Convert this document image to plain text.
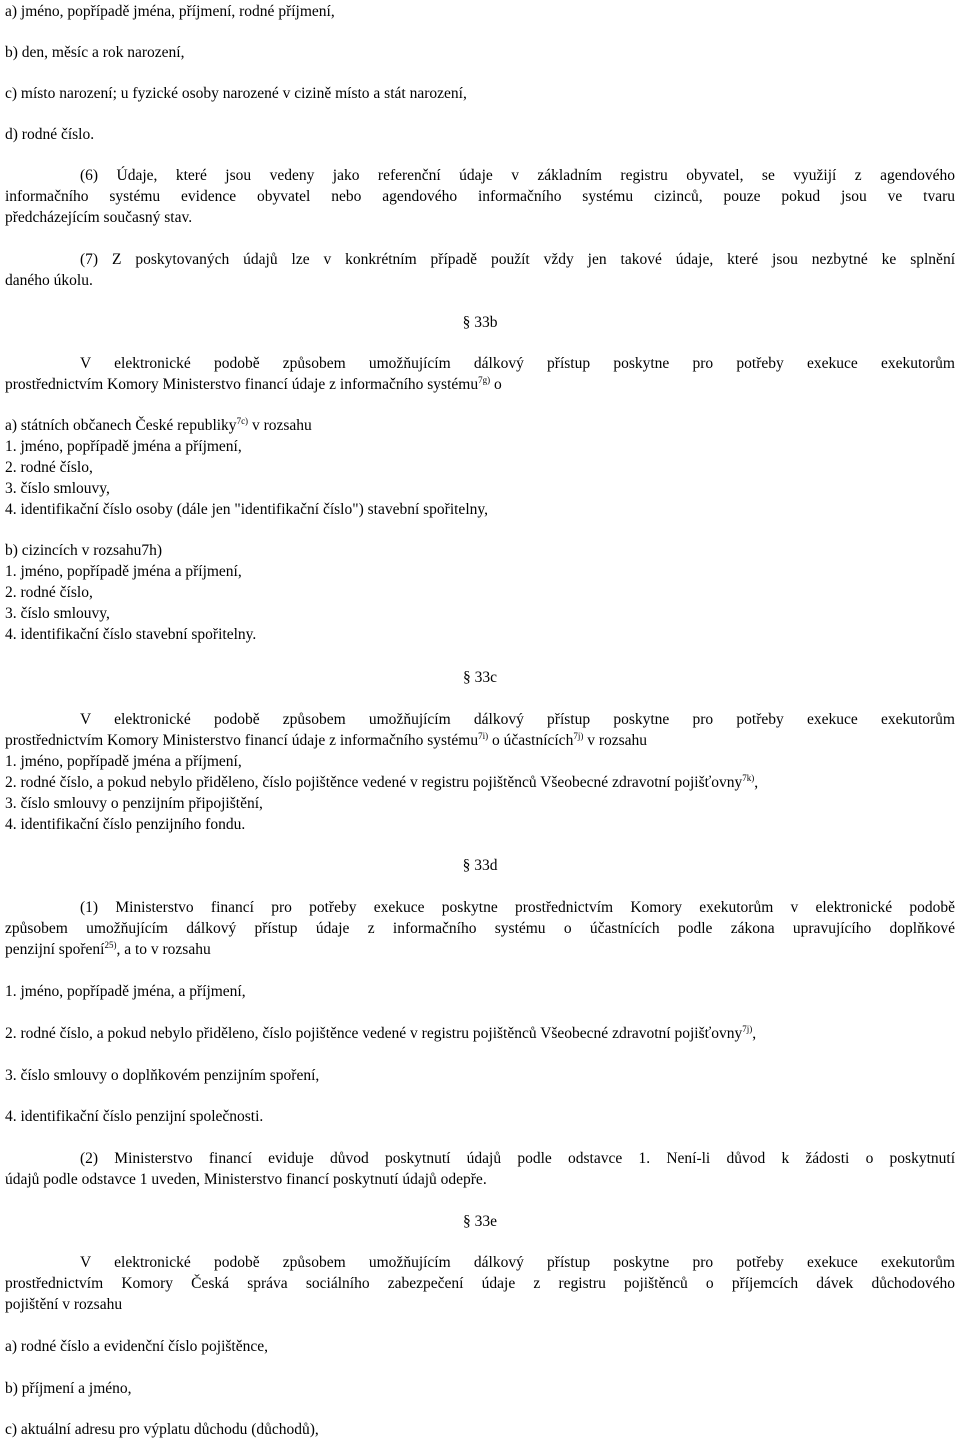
a) jméno, popřípadě jména, příjmení, rodné příjmení,
b) den, měsíc a rok narození,
c) místo narození; u fyzické osoby narozené v cizině místo a stát narození,
d) rodné číslo.
(6) Údaje, které jsou vedeny jako referenční údaje v základním registru obyvatel, se využijí z agendového
informačního systému evidence obyvatel nebo agendového informačního systému cizinců, pouze pokud jsou ve tvaru
předcházejícím současný stav.
(7) Z poskytovaných údajů lze v konkrétním případě použít vždy jen takové údaje, které jsou nezbytné ke splnění
daného úkolu.
§ 33b
V elektronické podobě způsobem umožňujícím dálkový přístup poskytne pro potřeby exekuce exekutorům
prostřednictvím Komory Ministerstvo financí údaje z informačního systému$^{7g)}$ o
a) státních občanech České republiky$^{7c)}$ v rozsahu
1. jméno, popřípadě jména a příjmení,
2. rodné číslo,
3. číslo smlouvy,
4. identifikační číslo osoby (dále jen "identifikační číslo") stavební spořitelny,
b) cizincích v rozsahu7h)
1. jméno, popřípadě jména a příjmení,
2. rodné číslo,
3. číslo smlouvy,
4. identifikační číslo stavební spořitelny.
§ 33c
V elektronické podobě způsobem umožňujícím dálkový přístup poskytne pro potřeby exekuce exekutorům
prostřednictvím Komory Ministerstvo financí údaje z informačního systému$^{7i)}$ o účastnících$^{7j)}$ v rozsahu
1. jméno, popřípadě jména a příjmení,
2. rodné číslo, a pokud nebylo přiděleno, číslo pojištěnce vedené v registru pojištěnců Všeobecné zdravotní pojišťovny$^{7k)}$,
3. číslo smlouvy o penzijním připojištění,
4. identifikační číslo penzijního fondu.
§ 33d
(1) Ministerstvo financí pro potřeby exekuce poskytne prostřednictvím Komory exekutorům v elektronické podobě
způsobem umožňujícím dálkový přístup údaje z informačního systému o účastnících podle zákona upravujícího doplňkové
penzijní spoření$^{25)}$, a to v rozsahu
1. jméno, popřípadě jména, a příjmení,
2. rodné číslo, a pokud nebylo přiděleno, číslo pojištěnce vedené v registru pojištěnců Všeobecné zdravotní pojišťovny$^{7j)}$,
3. číslo smlouvy o doplňkovém penzijním spoření,
4. identifikační číslo penzijní společnosti.
(2) Ministerstvo financí eviduje důvod poskytnutí údajů podle odstavce 1. Není-li důvod k žádosti o poskytnutí
údajů podle odstavce 1 uveden, Ministerstvo financí poskytnutí údajů odepře.
§ 33e
V elektronické podobě způsobem umožňujícím dálkový přístup poskytne pro potřeby exekuce exekutorům
prostřednictvím Komory Česká správa sociálního zabezpečení údaje z registru pojištěnců o příjemcích dávek důchodového
pojištění v rozsahu
a) rodné číslo a evidenční číslo pojištěnce,
b) příjmení a jméno,
c) aktuální adresu pro výplatu důchodu (důchodů),
